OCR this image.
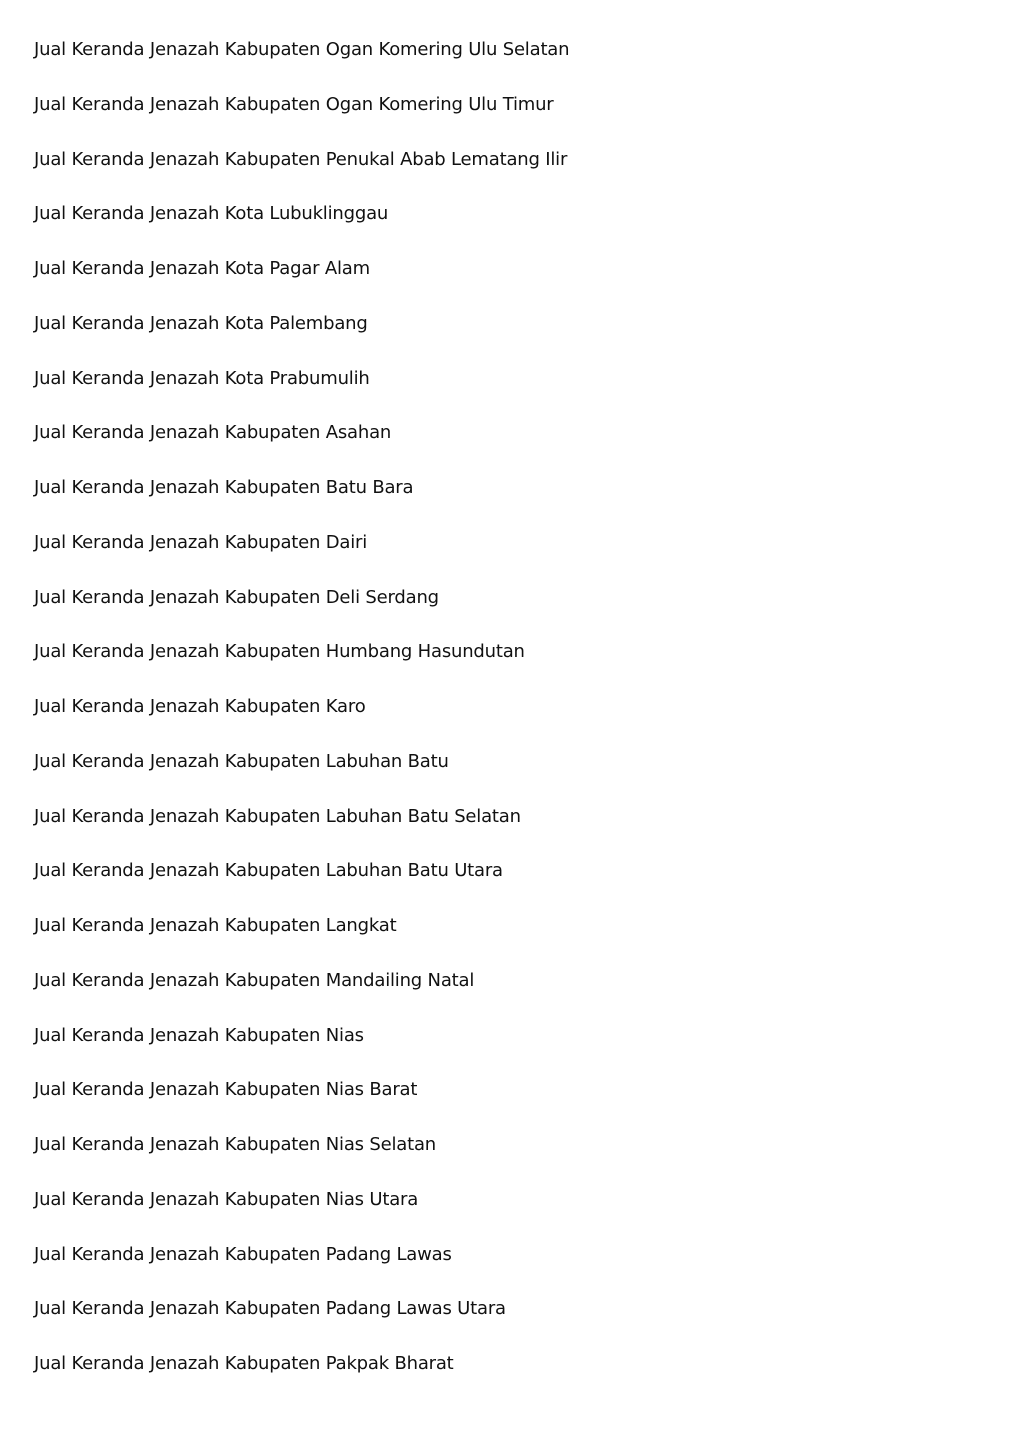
Jual Keranda Jenazah Kabupaten Ogan Komering Ulu Selatan
Jual Keranda Jenazah Kabupaten Ogan Komering Ulu Timur
Jual Keranda Jenazah Kabupaten Penukal Abab Lematang Ilir
Jual Keranda Jenazah Kota Lubuklinggau
Jual Keranda Jenazah Kota Pagar Alam
Jual Keranda Jenazah Kota Palembang
Jual Keranda Jenazah Kota Prabumulih
Jual Keranda Jenazah Kabupaten Asahan
Jual Keranda Jenazah Kabupaten Batu Bara
Jual Keranda Jenazah Kabupaten Dairi
Jual Keranda Jenazah Kabupaten Deli Serdang
Jual Keranda Jenazah Kabupaten Humbang Hasundutan
Jual Keranda Jenazah Kabupaten Karo
Jual Keranda Jenazah Kabupaten Labuhan Batu
Jual Keranda Jenazah Kabupaten Labuhan Batu Selatan
Jual Keranda Jenazah Kabupaten Labuhan Batu Utara
Jual Keranda Jenazah Kabupaten Langkat
Jual Keranda Jenazah Kabupaten Mandailing Natal
Jual Keranda Jenazah Kabupaten Nias
Jual Keranda Jenazah Kabupaten Nias Barat
Jual Keranda Jenazah Kabupaten Nias Selatan
Jual Keranda Jenazah Kabupaten Nias Utara
Jual Keranda Jenazah Kabupaten Padang Lawas
Jual Keranda Jenazah Kabupaten Padang Lawas Utara
Jual Keranda Jenazah Kabupaten Pakpak Bharat
